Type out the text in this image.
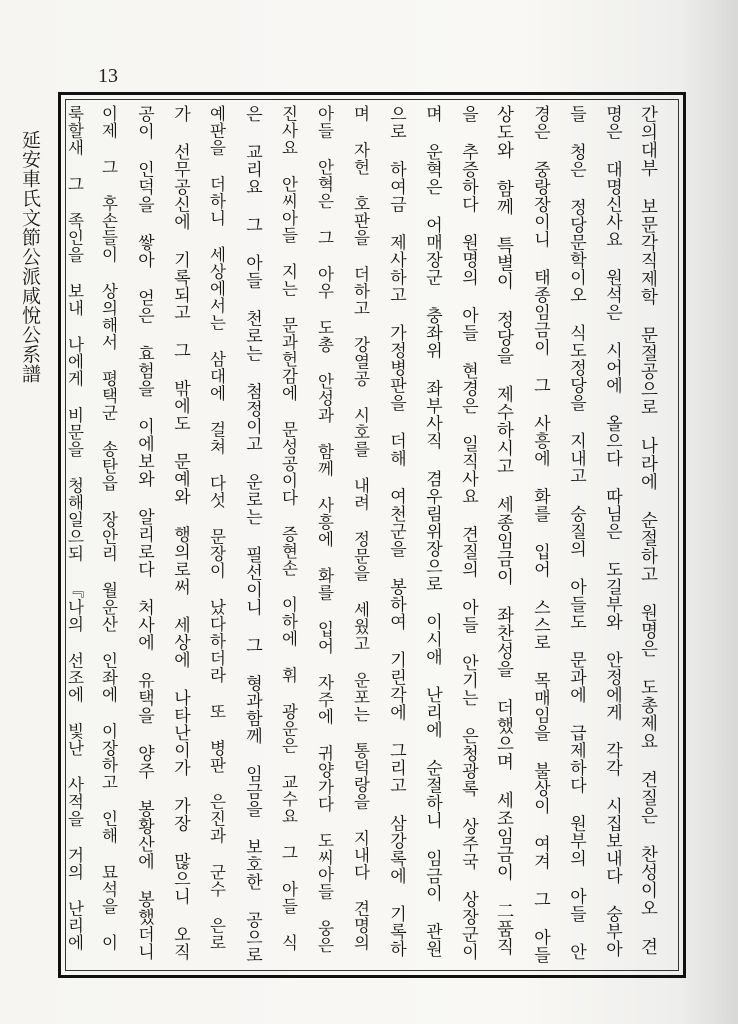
13
延安車氏文節公派咸悅公系譜	간의대부 보문각직제학 문절공으로 나라에 순절하고 원명은 도총제요 견질은 찬성이오 견
명은 대명신사요 원석은 시어에 올으다 따님은 도길부와 안정에게 각각 시집보내다 숭부아
들 청은 정당문학이오 식도정당을 지내고 숭질의 아들도 문과에 급제하다 원부의 아들 안
경은 중랑장이니 태종임금이 그 사흥에 화를 입어 스스로 목매임을 불상이 여겨 그 아들
상도와 함께 특별이 정당을 제수하시고 세종임금이 좌찬성을 더했으며 세조임금이 二품직
을 추증하다 원명의 아들 현경은 일직사요 견질의 아들 안기는 은청광록 상주국 상장군이
며 운혁은 어매장군 충좌위 좌부사직 겸우림위장으로 이시애 난리에 순절하니 임금이 관원
으로 하여금 제사하고 가정병판을 더해 여천군을 봉하여 기린각에 그리고 삼강록에 기록하
며 자헌 호판을 더하고 강열공 시호를 내려 정문을 세웠고 운포는 통덕랑을 지내다 견명의
아들 안혁은 그 아우 도총 안성과 함께 사흥에 화를 입어 자주에 귀양가다 도씨아들 웅은
진사요 안씨아들 지는 문과헌감에 문성공이다 증현손 이하에 휘 광운은 교수요 그 아들 식
은 교리요 그 아들 천로는 첨정이고 운로는 필선이니 그 형과함께 임금을 보호한 공으로
예판을 더하니 세상에서는 삼대에 걸쳐 다섯 문장이 났다하더라 또 병판 은진과 군수 은로
가 선무공신에 기록되고 그 밖에도 문예와 행의로써 세상에 나타난이가 가장 많으니 오직
공이 인덕을 쌓아 얻은 효험을 이에보와 알리로다 처사에 유택을 양주 봉황산에 봉했더니
이제 그 후손들이 상의해서 평택군 송탄읍 장안리 월운산 인좌에 이장하고 인해 묘석을 이
룩할새 그 족인을 보내 나에게 비문을 청해일으되 『나의 선조에 빛난 사적을 거의 난리에
